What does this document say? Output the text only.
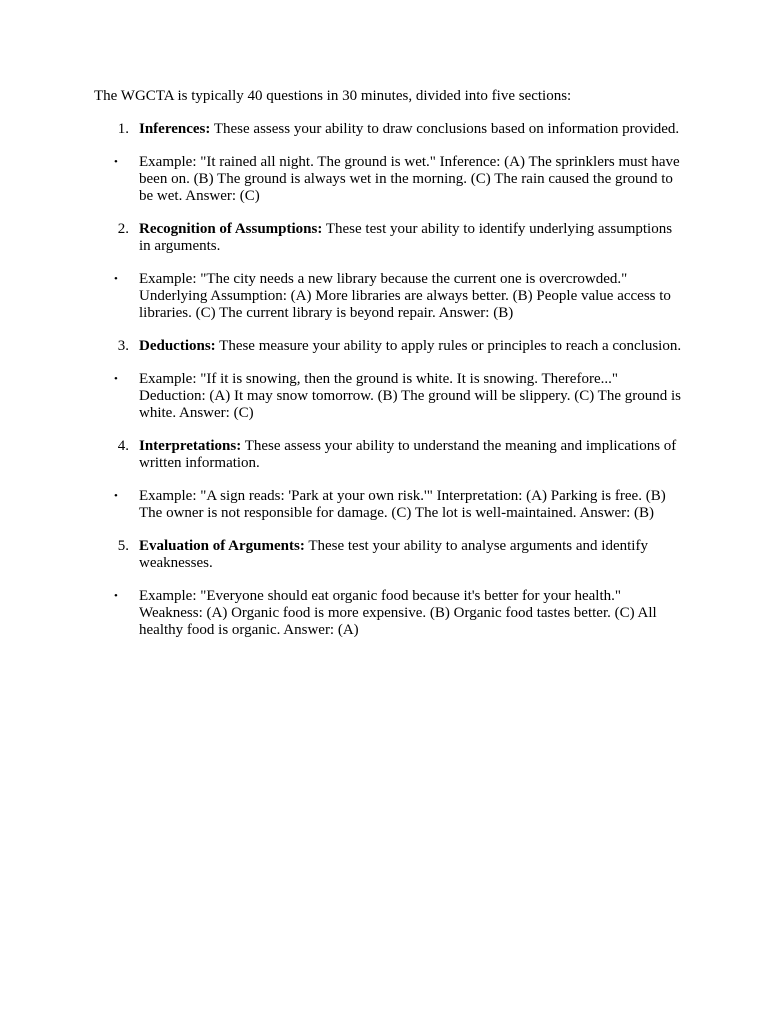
The WGCTA is typically 40 questions in 30 minutes, divided into five sections:

1. Inferences: These assess your ability to draw conclusions based on information provided.
• Example: "It rained all night. The ground is wet." Inference: (A) The sprinklers must have been on. (B) The ground is always wet in the morning. (C) The rain caused the ground to be wet. Answer: (C)
2. Recognition of Assumptions: These test your ability to identify underlying assumptions in arguments.
• Example: "The city needs a new library because the current one is overcrowded." Underlying Assumption: (A) More libraries are always better. (B) People value access to libraries. (C) The current library is beyond repair. Answer: (B)
3. Deductions: These measure your ability to apply rules or principles to reach a conclusion.
• Example: "If it is snowing, then the ground is white. It is snowing. Therefore..." Deduction: (A) It may snow tomorrow. (B) The ground will be slippery. (C) The ground is white. Answer: (C)
4. Interpretations: These assess your ability to understand the meaning and implications of written information.
• Example: "A sign reads: 'Park at your own risk.'" Interpretation: (A) Parking is free. (B) The owner is not responsible for damage. (C) The lot is well-maintained. Answer: (B)
5. Evaluation of Arguments: These test your ability to analyse arguments and identify weaknesses.
• Example: "Everyone should eat organic food because it's better for your health." Weakness: (A) Organic food is more expensive. (B) Organic food tastes better. (C) All healthy food is organic. Answer: (A)
